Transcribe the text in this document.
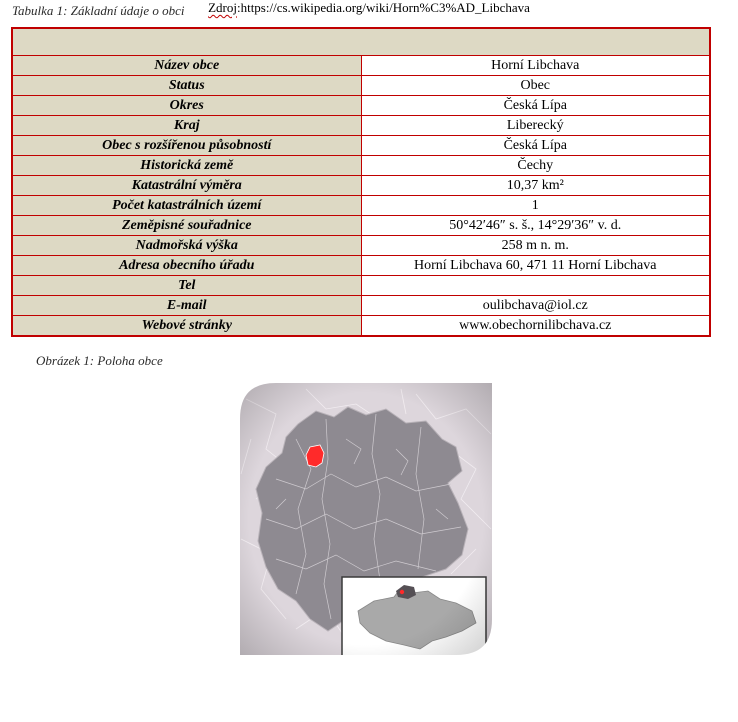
Tabulka 1: Základní údaje o obci

Název obce	Horní Libchava
Status	Obec
Okres	Česká Lípa
Kraj	Liberecký
Obec s rozšířenou působností	Česká Lípa
Historická země	Čechy
Katastrální výměra	10,37 km²
Počet katastrálních území	1
Zeměpisné souřadnice	50°42′46″ s. š., 14°29′36″ v. d.
Nadmořská výška	258 m n. m.
Adresa obecního úřadu	Horní Libchava 60, 471 11 Horní Libchava
Tel	
E-mail	oulibchava@iol.cz
Webové stránky	www.obechornilibchava.cz
Obrázek 1: Poloha obce
Zdroj:https://cs.wikipedia.org/wiki/Horn%C3%AD_Libchava
